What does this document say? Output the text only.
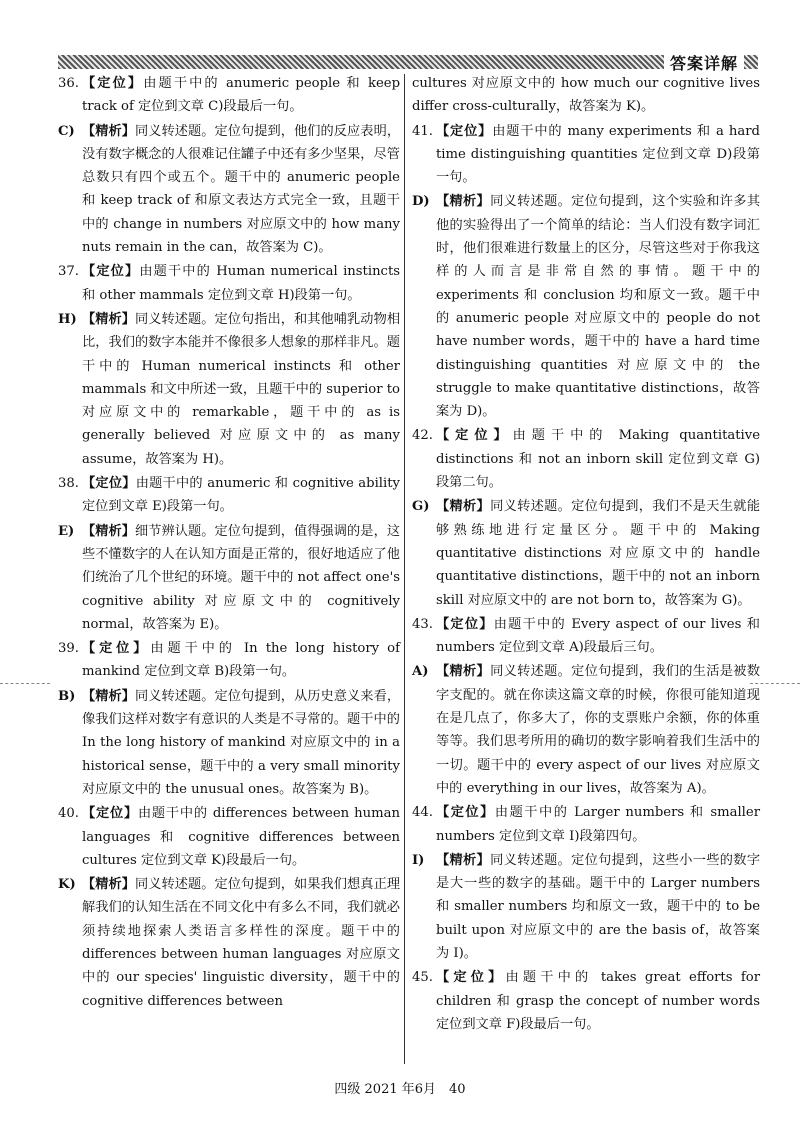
答案详解
36. 【定位】由题干中的 anumeric people 和 keep track of 定位到文章 C)段最后一句。
C) 【精析】同义转述题。定位句提到，他们的反应表明，没有数字概念的人很难记住罐子中还有多少坚果，尽管总数只有四个或五个。题干中的 anumeric people 和 keep track of 和原文表达方式完全一致，且题干中的 change in numbers 对应原文中的 how many nuts remain in the can，故答案为 C)。
37. 【定位】由题干中的 Human numerical instincts 和 other mammals 定位到文章 H)段第一句。
H) 【精析】同义转述题。定位句指出，和其他哺乳动物相比，我们的数字本能并不像很多人想象的那样非凡。题干中的 Human numerical instincts 和 other mammals 和文中所述一致，且题干中的 superior to 对应原文中的 remarkable，题干中的 as is generally believed 对应原文中的 as many assume，故答案为 H)。
38. 【定位】由题干中的 anumeric 和 cognitive ability 定位到文章 E)段第一句。
E) 【精析】细节辨认题。定位句提到，值得强调的是，这些不懂数字的人在认知方面是正常的，很好地适应了他们统治了几个世纪的环境。题干中的 not affect one's cognitive ability 对应原文中的 cognitively normal，故答案为 E)。
39. 【定位】由题干中的 In the long history of mankind 定位到文章 B)段第一句。
B) 【精析】同义转述题。定位句提到，从历史意义来看，像我们这样对数字有意识的人类是不寻常的。题干中的 In the long history of mankind 对应原文中的 in a historical sense，题干中的 a very small minority 对应原文中的 the unusual ones。故答案为 B)。
40. 【定位】由题干中的 differences between human languages 和 cognitive differences between cultures 定位到文章 K)段最后一句。
K) 【精析】同义转述题。定位句提到，如果我们想真正理解我们的认知生活在不同文化中有多么不同，我们就必须持续地探索人类语言多样性的深度。题干中的 differences between human languages 对应原文中的 our species' linguistic diversity，题干中的 cognitive differences between
cultures 对应原文中的 how much our cognitive lives differ cross-culturally，故答案为 K)。
41. 【定位】由题干中的 many experiments 和 a hard time distinguishing quantities 定位到文章 D)段第一句。
D) 【精析】同义转述题。定位句提到，这个实验和许多其他的实验得出了一个简单的结论：当人们没有数字词汇时，他们很难进行数量上的区分，尽管这些对于你我这样的人而言是非常自然的事情。题干中的 experiments 和 conclusion 均和原文一致。题干中的 anumeric people 对应原文中的 people do not have number words，题干中的 have a hard time distinguishing quantities 对应原文中的 the struggle to make quantitative distinctions，故答案为 D)。
42. 【定位】由题干中的 Making quantitative distinctions 和 not an inborn skill 定位到文章 G)段第二句。
G) 【精析】同义转述题。定位句提到，我们不是天生就能够熟练地进行定量区分。题干中的 Making quantitative distinctions 对应原文中的 handle quantitative distinctions，题干中的 not an inborn skill 对应原文中的 are not born to，故答案为 G)。
43. 【定位】由题干中的 Every aspect of our lives 和 numbers 定位到文章 A)段最后三句。
A) 【精析】同义转述题。定位句提到，我们的生活是被数字支配的。就在你读这篇文章的时候，你很可能知道现在是几点了，你多大了，你的支票账户余额，你的体重等等。我们思考所用的确切的数字影响着我们生活中的一切。题干中的 every aspect of our lives 对应原文中的 everything in our lives，故答案为 A)。
44. 【定位】由题干中的 Larger numbers 和 smaller numbers 定位到文章 I)段第四句。
I) 【精析】同义转述题。定位句提到，这些小一些的数字是大一些的数字的基础。题干中的 Larger numbers 和 smaller numbers 均和原文一致，题干中的 to be built upon 对应原文中的 are the basis of，故答案为 I)。
45. 【定位】由题干中的 takes great efforts for children 和 grasp the concept of number words 定位到文章 F)段最后一句。
四级 2021 年6月　40
